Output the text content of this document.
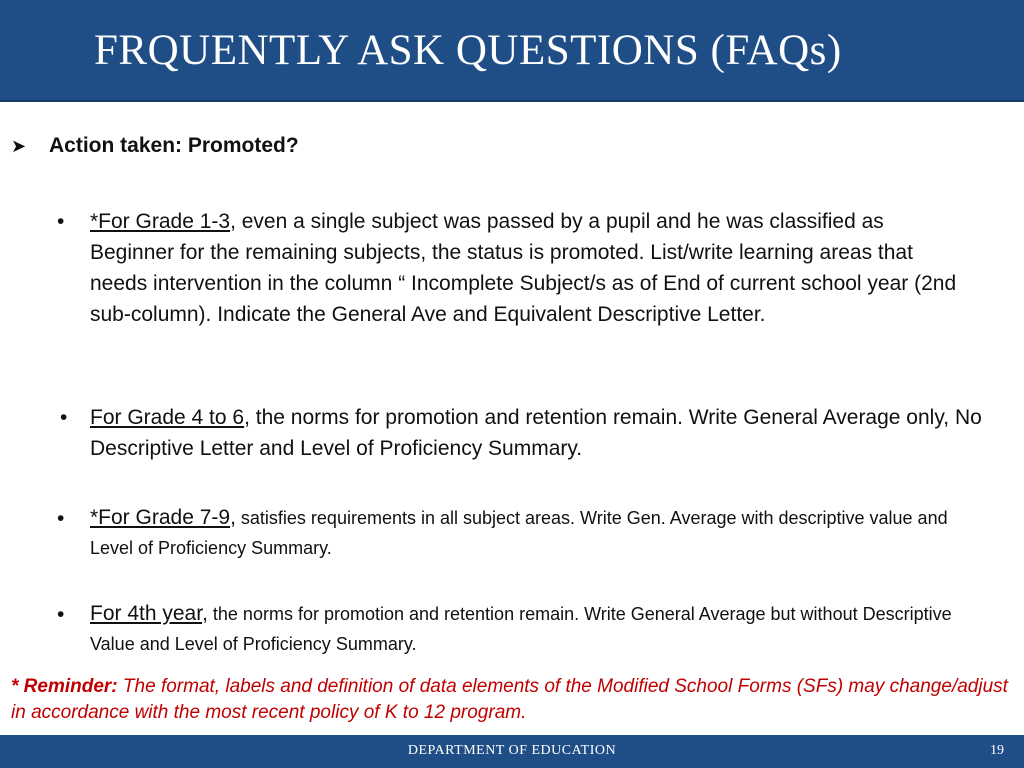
FRQUENTLY ASK QUESTIONS (FAQs)
➤ Action taken: Promoted?
• *For Grade 1-3, even a single subject was passed by a pupil and he was classified as Beginner for the remaining subjects, the status is promoted. List/write learning areas that needs intervention in the column “ Incomplete Subject/s as of End of current school year (2nd sub-column). Indicate the General Ave and Equivalent Descriptive Letter.
• For Grade 4 to 6, the norms for promotion and retention remain. Write General Average only, No Descriptive Letter and Level of Proficiency Summary.
• *For Grade 7-9, satisfies requirements in all subject areas. Write Gen. Average with descriptive value and Level of Proficiency Summary.
• For 4th year, the norms for promotion and retention remain. Write General Average but without Descriptive Value and Level of Proficiency Summary.
* Reminder: The format, labels and definition of data elements of the Modified School Forms (SFs) may change/adjust in accordance with the most recent policy of K to 12 program.
DEPARTMENT OF EDUCATION	19
